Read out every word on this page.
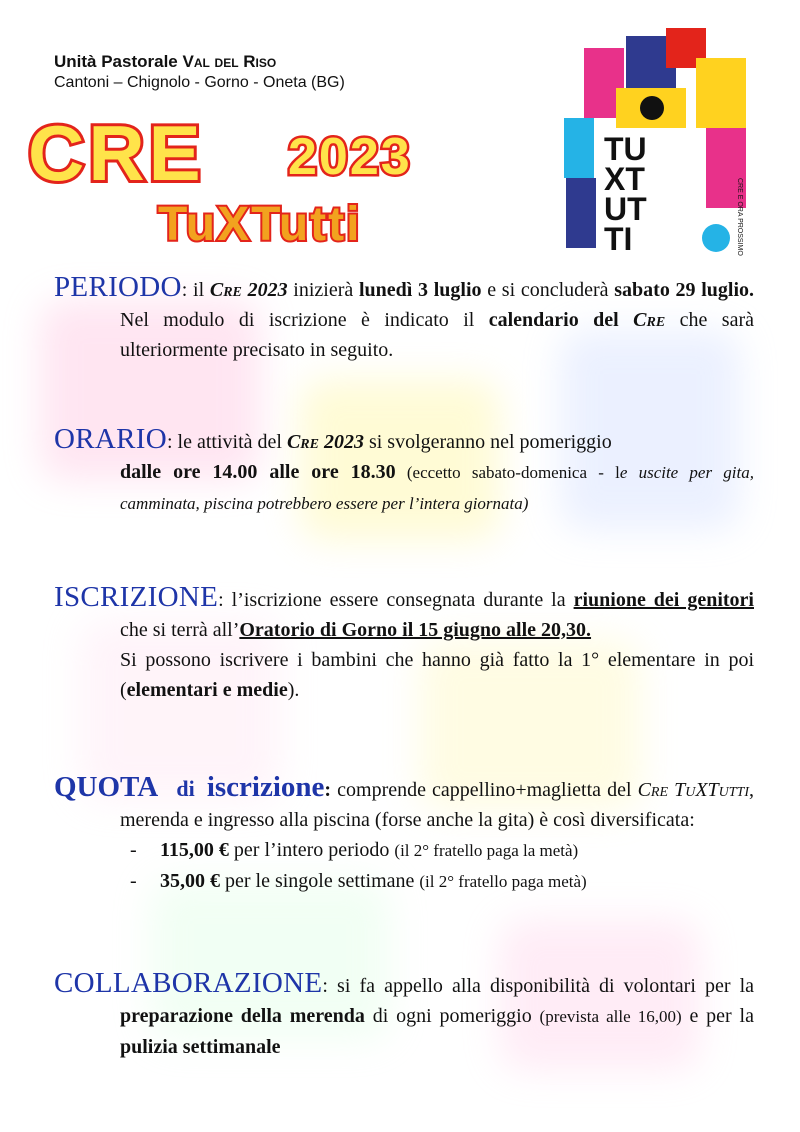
Unità Pastorale Val del Riso
Cantoni – Chignolo - Gorno - Oneta (BG)
CRE 2023
TuXTutti
TU
XT
UT
TI	CRE E ORA PROSSIMO
PERIODO: il Cre 2023 inizierà lunedì 3 luglio e si concluderà sabato 29 luglio. Nel modulo di iscrizione è indicato il calendario del Cre che sarà ulteriormente precisato in seguito.
ORARIO: le attività del Cre 2023 si svolgeranno nel pomeriggio

dalle ore 14.00 alle ore 18.30 (eccetto sabato-domenica - le uscite per gita, camminata, piscina potrebbero essere per l’intera giornata)

ISCRIZIONE: l’iscrizione essere consegnata durante la riunione dei genitori che si terrà all’Oratorio di Gorno il 15 giugno alle 20,30.

Si possono iscrivere i bambini che hanno già fatto la 1° elementare in poi (elementari e medie).

QUOTA di iscrizione: comprende cappellino+maglietta del Cre TuXTutti, merenda e ingresso alla piscina (forse anche la gita) è così diversificata:
- 115,00 € per l’intero periodo (il 2° fratello paga la metà)
- 35,00 € per le singole settimane (il 2° fratello paga metà)
COLLABORAZIONE: si fa appello alla disponibilità di volontari per la preparazione della merenda di ogni pomeriggio (prevista alle 16,00) e per la pulizia settimanale
